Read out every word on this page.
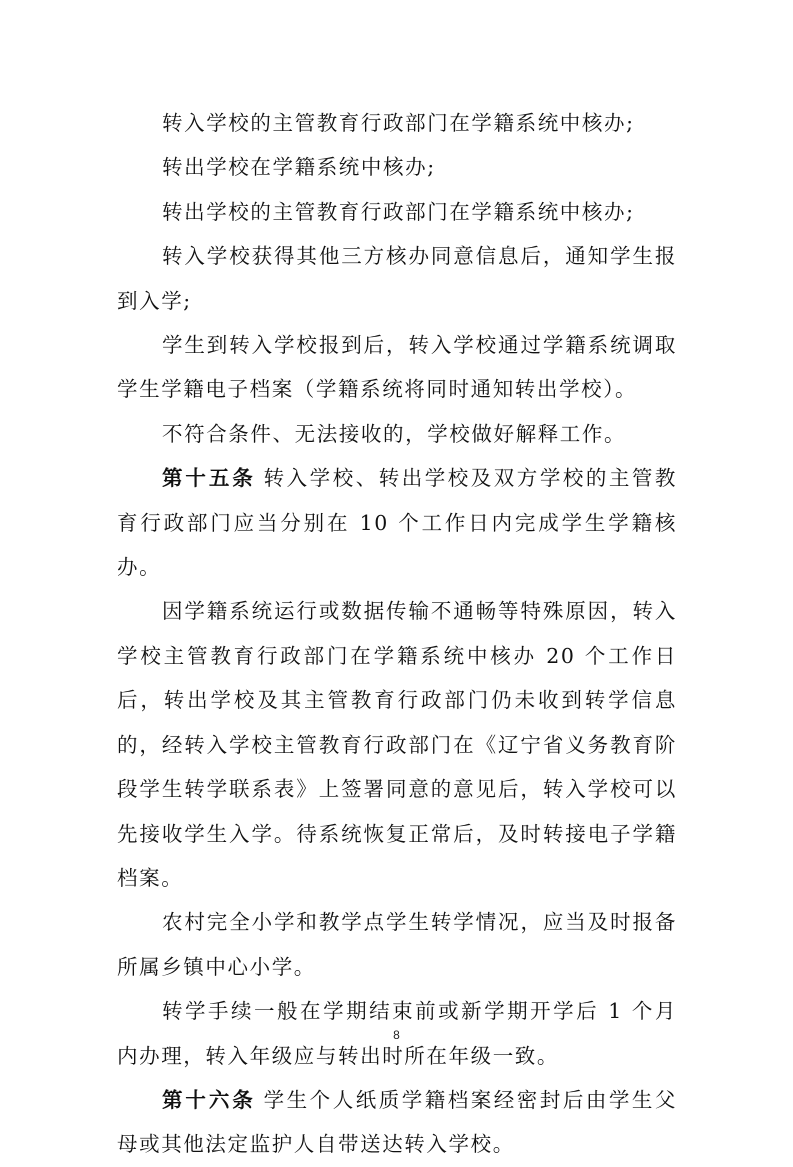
转入学校的主管教育行政部门在学籍系统中核办;

转出学校在学籍系统中核办;

转出学校的主管教育行政部门在学籍系统中核办;

转入学校获得其他三方核办同意信息后，通知学生报到入学;

学生到转入学校报到后，转入学校通过学籍系统调取学生学籍电子档案（学籍系统将同时通知转出学校）。

不符合条件、无法接收的，学校做好解释工作。

第十五条 转入学校、转出学校及双方学校的主管教育行政部门应当分别在 10 个工作日内完成学生学籍核办。

因学籍系统运行或数据传输不通畅等特殊原因，转入学校主管教育行政部门在学籍系统中核办 20 个工作日后，转出学校及其主管教育行政部门仍未收到转学信息的，经转入学校主管教育行政部门在《辽宁省义务教育阶段学生转学联系表》上签署同意的意见后，转入学校可以先接收学生入学。待系统恢复正常后，及时转接电子学籍档案。

农村完全小学和教学点学生转学情况，应当及时报备所属乡镇中心小学。

转学手续一般在学期结束前或新学期开学后 1 个月内办理，转入年级应与转出时所在年级一致。

第十六条 学生个人纸质学籍档案经密封后由学生父母或其他法定监护人自带送达转入学校。

8
